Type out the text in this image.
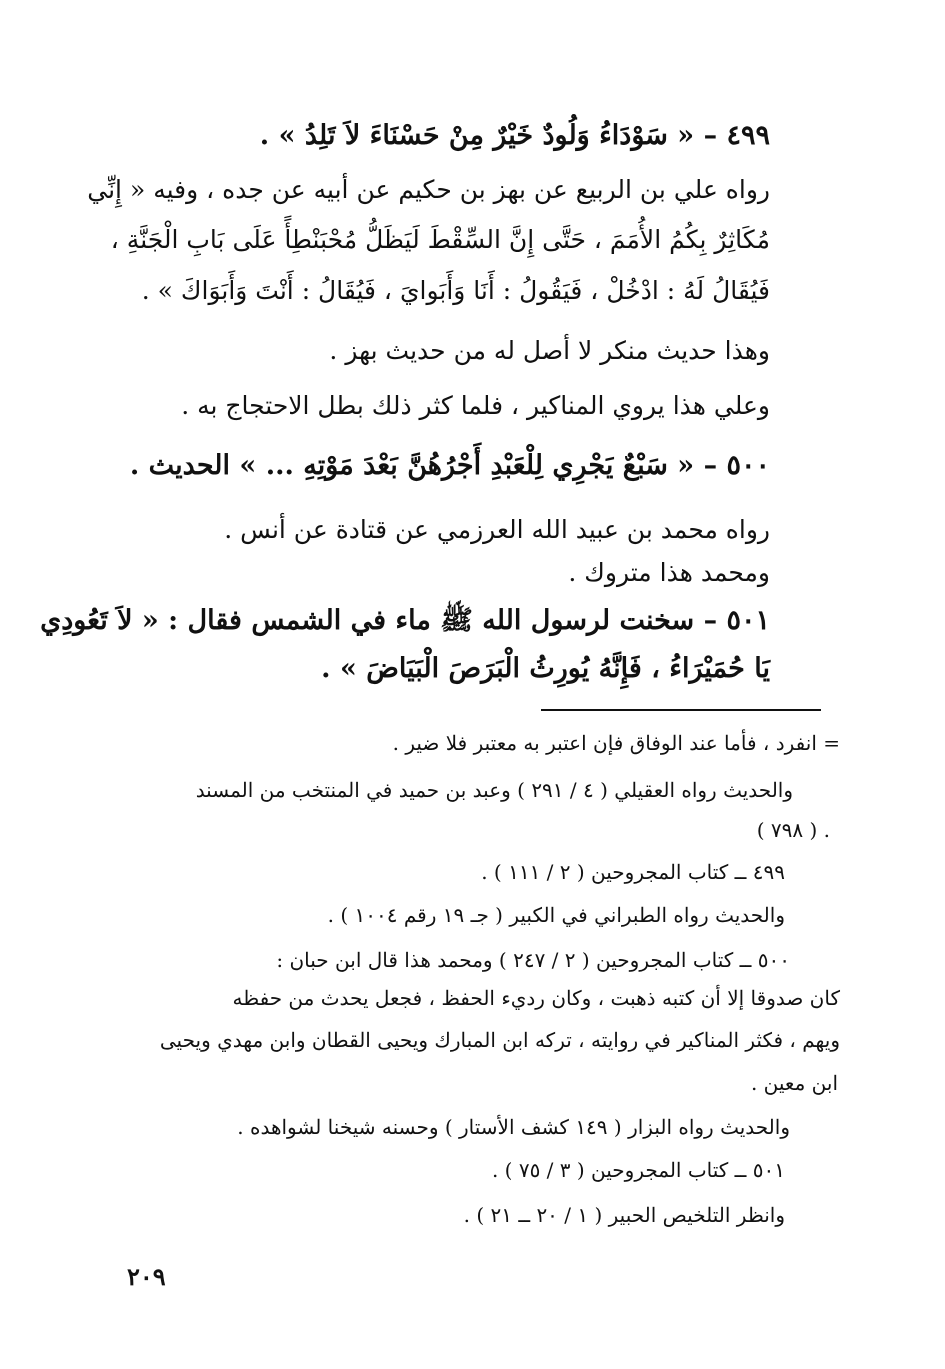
٤٩٩ – « سَوْدَاءُ وَلُودٌ خَيْرٌ مِنْ حَسْنَاءَ لاَ تَلِدُ » .
رواه علي بن الربيع عن بهز بن حكيم عن أبيه عن جده ، وفيه « إِنِّي
مُكَاثِرٌ بِكُمُ الأُمَمَ ، حَتَّى إِنَّ السِّقْطَ لَيَظَلُّ مُحْبَنْطِأً عَلَى بَابِ الْجَنَّةِ ،
فَيُقَالُ لَهُ : ادْخُلْ ، فَيَقُولُ : أَنَا وَأَبَوايَ ، فَيُقَالُ : أَنْتَ وَأَبَوَاكَ » .
وهذا حديث منكر لا أصل له من حديث بهز .
وعلي هذا يروي المناكير ، فلما كثر ذلك بطل الاحتجاج به .
٥٠٠ – « سَبْعٌ يَجْرِي لِلْعَبْدِ أَجْرُهُنَّ بَعْدَ مَوْتِهِ ... » الحديث .
رواه محمد بن عبيد الله العرزمي عن قتادة عن أنس .
ومحمد هذا متروك .
٥٠١ – سخنت لرسول الله ﷺ ماء في الشمس فقال : « لاَ تَعُودِي
يَا حُمَيْرَاءُ ، فَإِنَّهُ يُورِثُ الْبَرَصَ الْبَيَاضَ » .
= انفرد ، فأما عند الوفاق فإن اعتبر به معتبر فلا ضير .
والحديث رواه العقيلي ( ٤ / ٢٩١ ) وعبد بن حميد في المنتخب من المسند
( ٧٩٨ ) .
٤٩٩ ــ كتاب المجروحين ( ٢ / ١١١ ) .
والحديث رواه الطبراني في الكبير ( جـ ١٩ رقم ١٠٠٤ ) .
٥٠٠ ــ كتاب المجروحين ( ٢ / ٢٤٧ ) ومحمد هذا قال ابن حبان :
كان صدوقا إلا أن كتبه ذهبت ، وكان رديء الحفظ ، فجعل يحدث من حفظه
ويهم ، فكثر المناكير في روايته ، تركه ابن المبارك ويحيى القطان وابن مهدي ويحيى
ابن معين .
والحديث رواه البزار ( ١٤٩ كشف الأستار ) وحسنه شيخنا لشواهده .
٥٠١ ــ كتاب المجروحين ( ٣ / ٧٥ ) .
وانظر التلخيص الحبير ( ١ / ٢٠ ــ ٢١ ) .
٢٠٩
